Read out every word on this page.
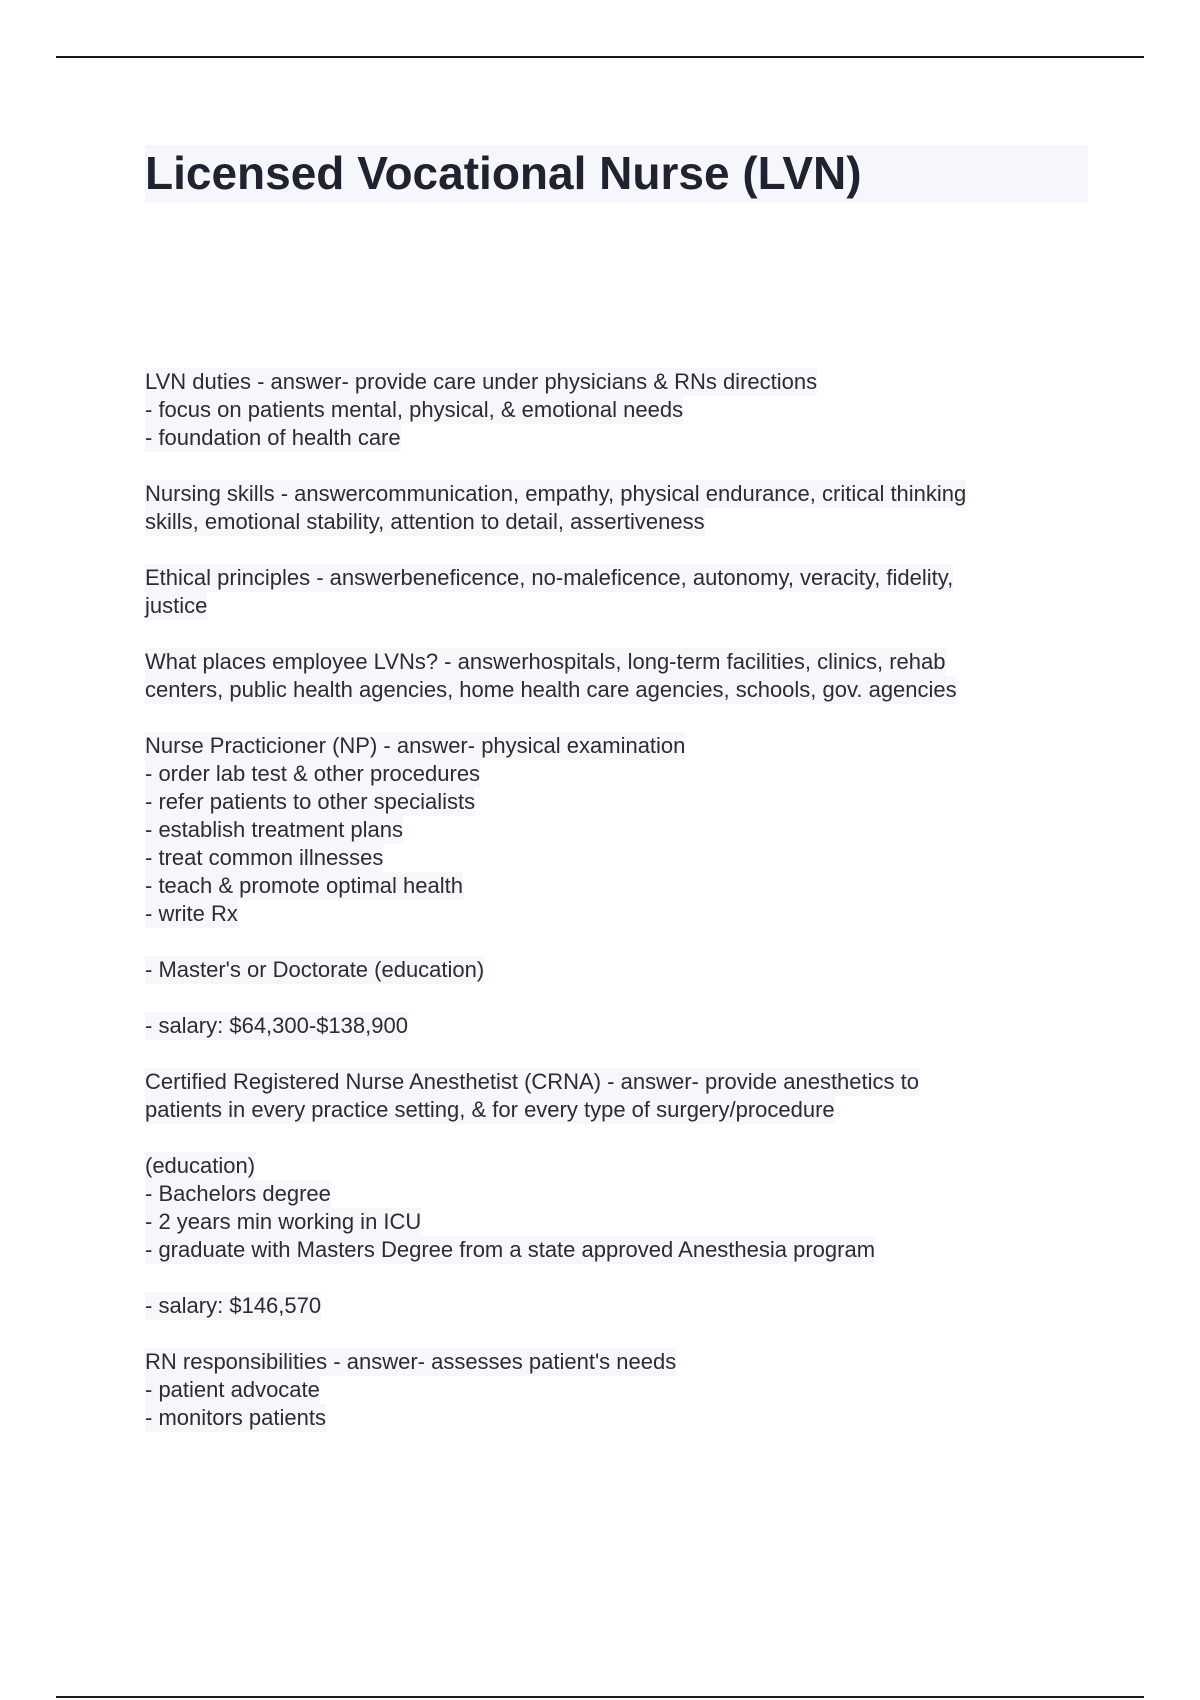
Licensed Vocational Nurse (LVN)
LVN duties - answer- provide care under physicians & RNs directions
- focus on patients mental, physical, & emotional needs
- foundation of health care
Nursing skills - answercommunication, empathy, physical endurance, critical thinking
skills, emotional stability, attention to detail, assertiveness
Ethical principles - answerbeneficence, no-maleficence, autonomy, veracity, fidelity,
justice
What places employee LVNs? - answerhospitals, long-term facilities, clinics, rehab
centers, public health agencies, home health care agencies, schools, gov. agencies
Nurse Practicioner (NP) - answer- physical examination
- order lab test & other procedures
- refer patients to other specialists
- establish treatment plans
- treat common illnesses
- teach & promote optimal health
- write Rx
- Master's or Doctorate (education)
- salary: $64,300-$138,900
Certified Registered Nurse Anesthetist (CRNA) - answer- provide anesthetics to
patients in every practice setting, & for every type of surgery/procedure
(education)
- Bachelors degree
- 2 years min working in ICU
- graduate with Masters Degree from a state approved Anesthesia program
- salary: $146,570
RN responsibilities - answer- assesses patient's needs
- patient advocate
- monitors patients
